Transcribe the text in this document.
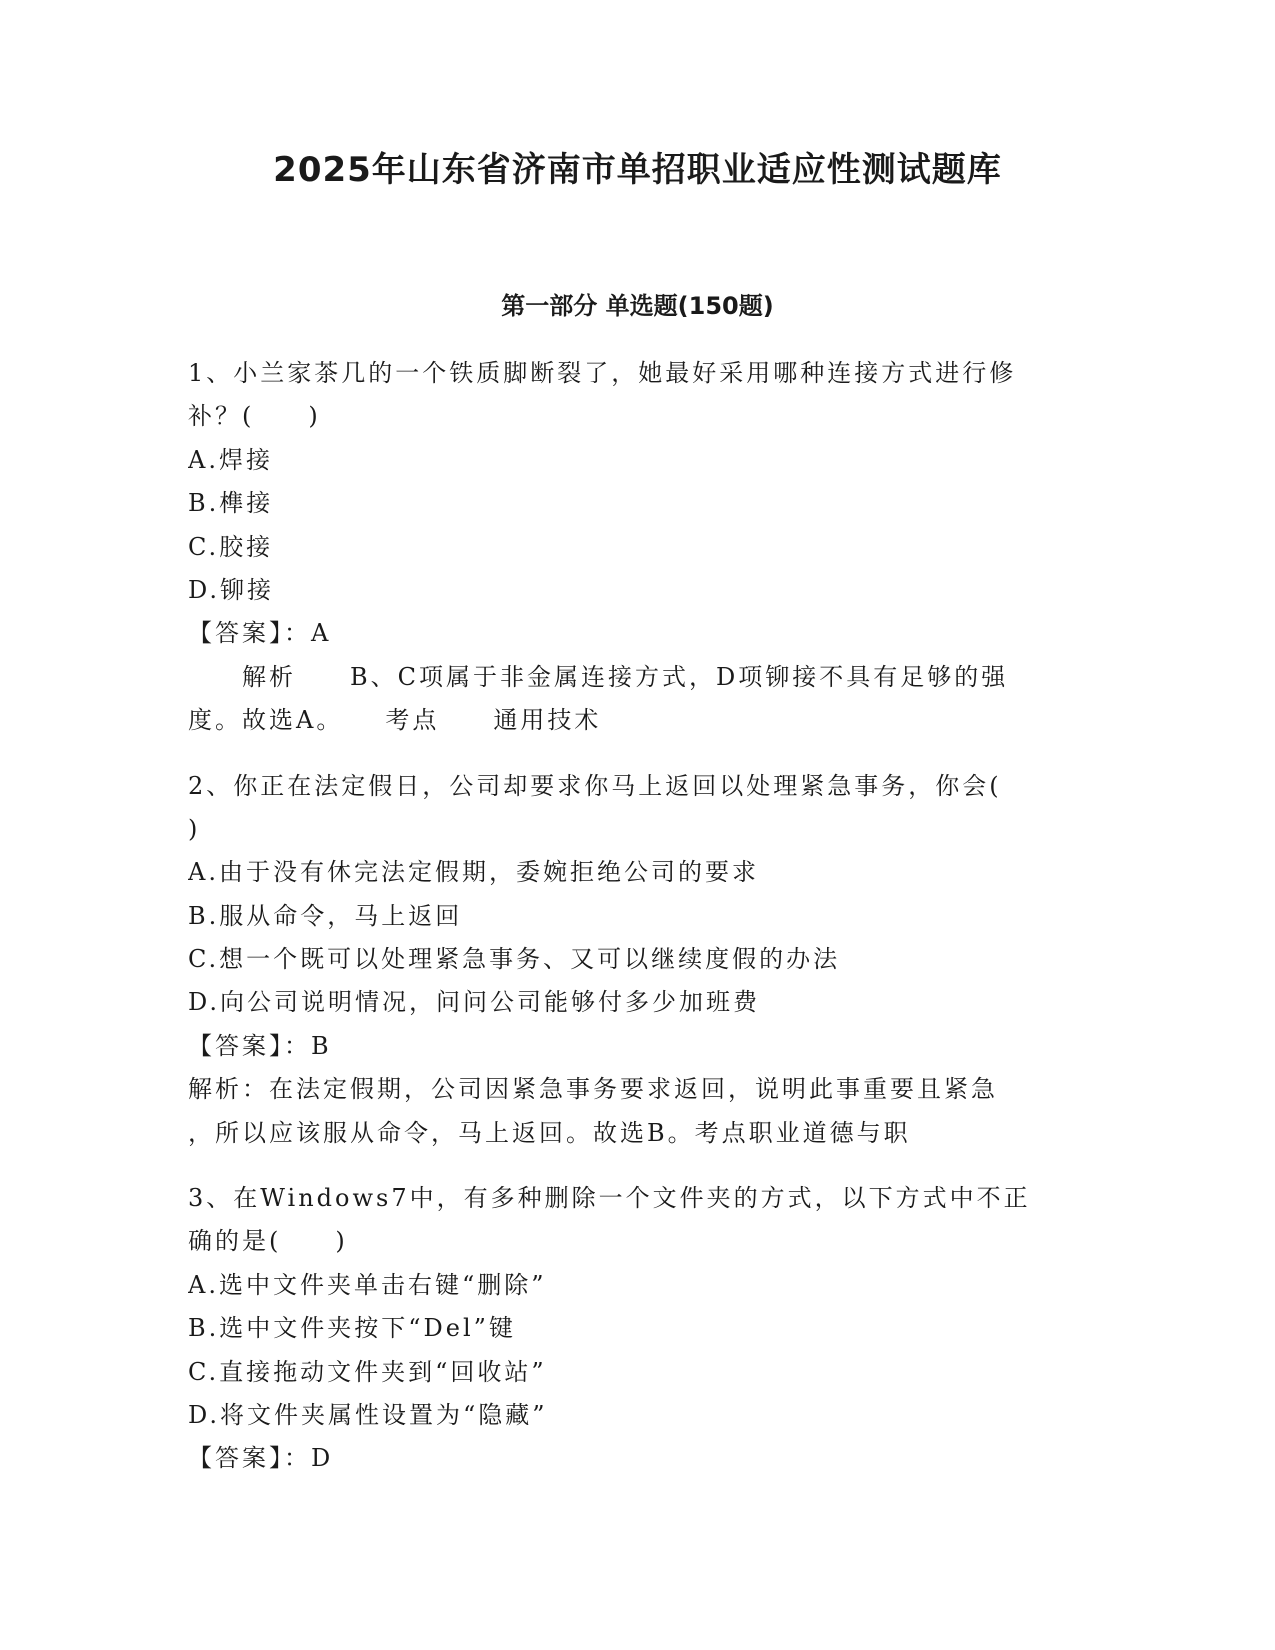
2025年山东省济南市单招职业适应性测试题库
第一部分 单选题(150题)
1、小兰家茶几的一个铁质脚断裂了，她最好采用哪种连接方式进行修
补？(　　)
A.焊接
B.榫接
C.胶接
D.铆接
【答案】：A
　　解析　　B、C项属于非金属连接方式，D项铆接不具有足够的强
度。故选A。　　考点　　通用技术
2、你正在法定假日，公司却要求你马上返回以处理紧急事务，你会(
)
A.由于没有休完法定假期，委婉拒绝公司的要求
B.服从命令，马上返回
C.想一个既可以处理紧急事务、又可以继续度假的办法
D.向公司说明情况，问问公司能够付多少加班费
【答案】：B
解析：在法定假期，公司因紧急事务要求返回，说明此事重要且紧急
，所以应该服从命令，马上返回。故选B。考点职业道德与职
3、在Windows7中，有多种删除一个文件夹的方式，以下方式中不正
确的是(　　)
A.选中文件夹单击右键“删除”
B.选中文件夹按下“Del”键
C.直接拖动文件夹到“回收站”
D.将文件夹属性设置为“隐藏”
【答案】：D
